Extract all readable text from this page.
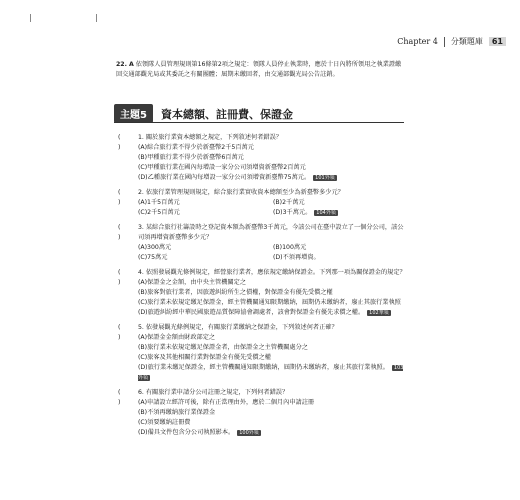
Chapter 4 分類題庫	61
22. A 依領隊人員管理規則第16條第2項之規定：領隊人員停止執業時，應於十日內將所領用之執業證繳回交通部觀光局或其委託之有關團體；屆期未繳回者，由交通部觀光局公告註銷。
主題5	資本總額、註冊費、保證金
( )
1. 關於旅行業資本總額之規定，下列敘述何者錯誤？
(A)綜合旅行業不得少於新臺幣2千5百萬元
(B)甲種旅行業不得少於新臺幣6百萬元
(C)甲種旅行業在國內每增設一家分公司須增資新臺幣2百萬元
(D)乙種旅行業在國內每增設一家分公司須增資新臺幣75萬元。 101外領
( )
2. 依旅行業管理規則規定，綜合旅行業實收資本總額至少為新臺幣多少元？
(A)1千5百萬元	(B)2千萬元
(C)2千5百萬元	(D)3千萬元。 104外領
( )
3. 某綜合旅行社籌設時之登記資本額為新臺幣3千萬元，今該公司在臺中設立了一個分公司，該公司須再增資新臺幣多少元？
(A)300萬元	(B)100萬元
(C)75萬元	(D)不須再增資。
( )
4. 依照發展觀光條例規定，經營旅行業者，應依規定繳納保證金。下列那一項為關保證金的規定？
(A)保證金之金額，由中央主管機關定之
(B)旅客對旅行業者，因旅遊糾紛所生之債權，對保證金有優先受償之權
(C)旅行業未依規定繳足保證金，經主管機關通知限期繳納，屆期仍未繳納者，廢止其旅行業執照
(D)旅遊糾紛經中華民國旅遊品質保障協會調處者，該會對保證金有優先求償之權。 102華領
( )
5. 依發展觀光條例規定，有關旅行業繳納之保證金，下列敘述何者正確？
(A)保證金金額由財政部定之
(B)旅行業未依規定繳足保證金者，由保證金之主管機關處分之
(C)旅客及其他相關行業對保證金有優先受償之權
(D)旅行業未繳足保證金，經主管機關通知限期繳納，屆期仍未繳納者，廢止其旅行業執照。 103外領
( )
6. 有關旅行業申請分公司註冊之規定，下列何者錯誤？
(A)申請設立經許可後，除有正當理由外，應於二個月內申請註冊
(B)不須再繳納旅行業保證金
(C)須要繳納註冊費
(D)備具文件包含分公司執照影本。 100外領
